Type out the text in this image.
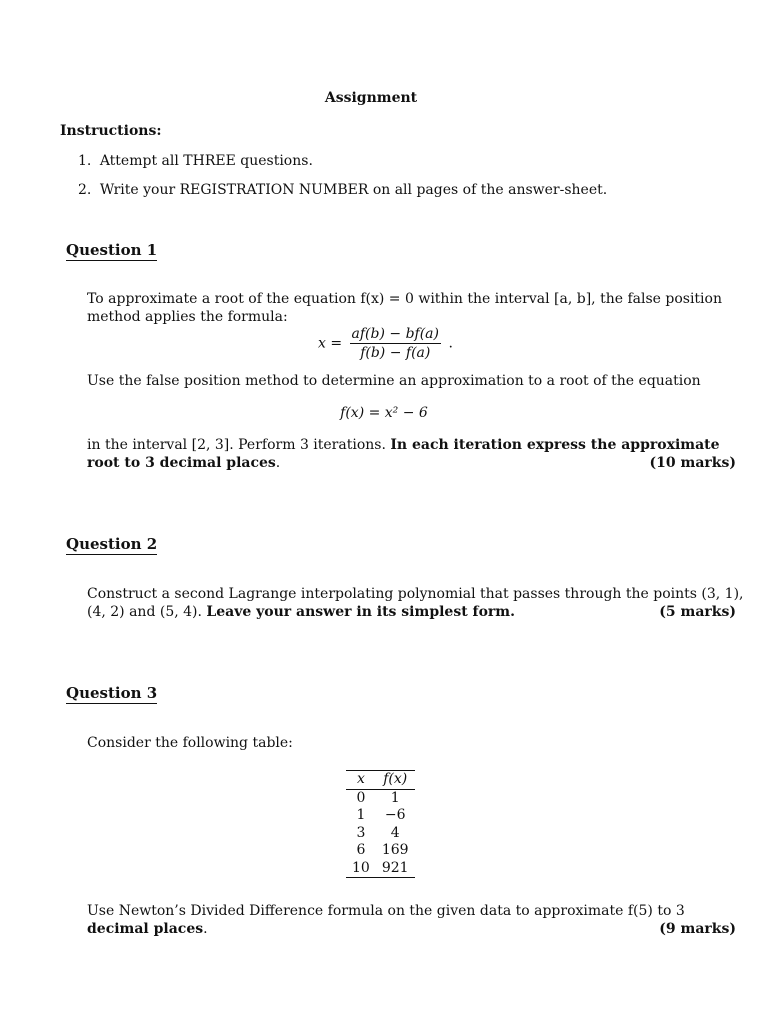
Assignment
Instructions:
1. Attempt all THREE questions.
2. Write your REGISTRATION NUMBER on all pages of the answer-sheet.
Question 1
To approximate a root of the equation f(x) = 0 within the interval [a, b], the false position
method applies the formula:
$x = \frac{af(b) - bf(a)}{f(b) - f(a)}$ .
Use the false position method to determine an approximation to a root of the equation
f(x) = x² − 6
in the interval [2, 3]. Perform 3 iterations. In each iteration express the approximate
root to 3 decimal places.	(10 marks)
Question 2
Construct a second Lagrange interpolating polynomial that passes through the points (3, 1),
(4, 2) and (5, 4). Leave your answer in its simplest form.	(5 marks)
Question 3
Consider the following table:
x	f(x)
0	1
1	−6
3	4
6	169
10	921
Use Newton’s Divided Difference formula on the given data to approximate f(5) to 3
decimal places.	(9 marks)
